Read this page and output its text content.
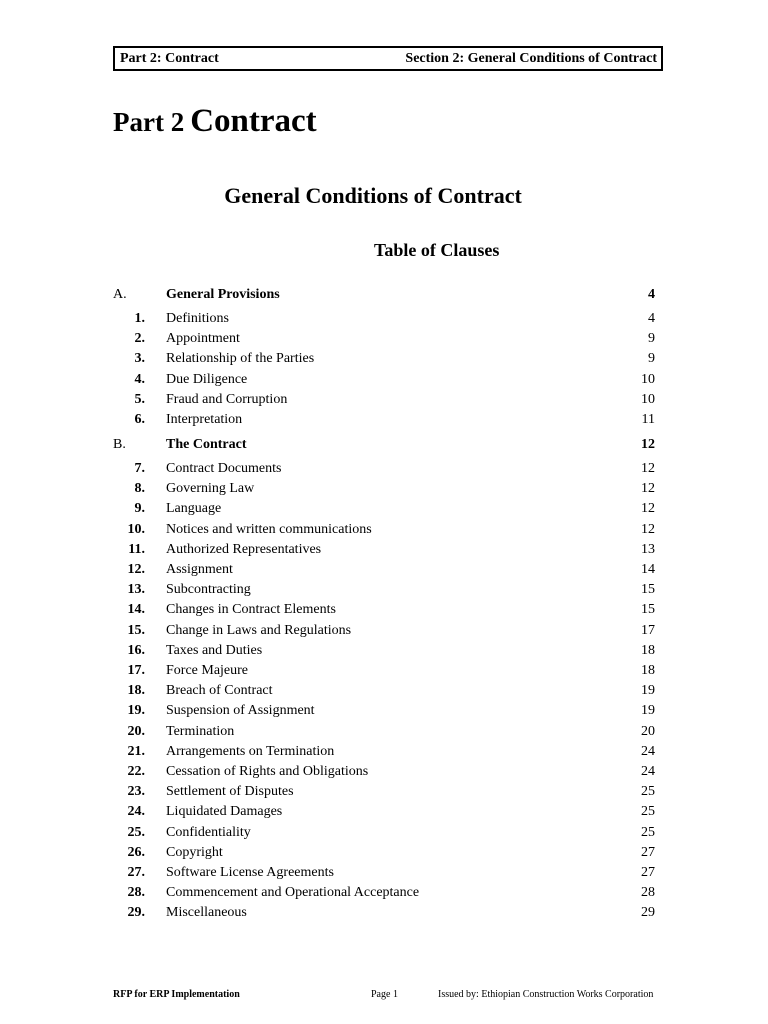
Part 2: Contract	Section 2: General Conditions of Contract
Part 2 Contract
General Conditions of Contract
Table of Clauses
A.	General Provisions	4
1. Definitions	4
2. Appointment	9
3. Relationship of the Parties	9
4. Due Diligence	10
5. Fraud and Corruption	10
6. Interpretation	11
B.	The Contract	12
7. Contract Documents	12
8. Governing Law	12
9. Language	12
10. Notices and written communications	12
11. Authorized Representatives	13
12. Assignment	14
13. Subcontracting	15
14. Changes in Contract Elements	15
15. Change in Laws and Regulations	17
16. Taxes and Duties	18
17. Force Majeure	18
18. Breach of Contract	19
19. Suspension of Assignment	19
20. Termination	20
21. Arrangements on Termination	24
22. Cessation of Rights and Obligations	24
23. Settlement of Disputes	25
24. Liquidated Damages	25
25. Confidentiality	25
26. Copyright	27
27. Software License Agreements	27
28. Commencement and Operational Acceptance	28
29. Miscellaneous	29
RFP for ERP Implementation	Page 1	Issued by: Ethiopian Construction Works Corporation
